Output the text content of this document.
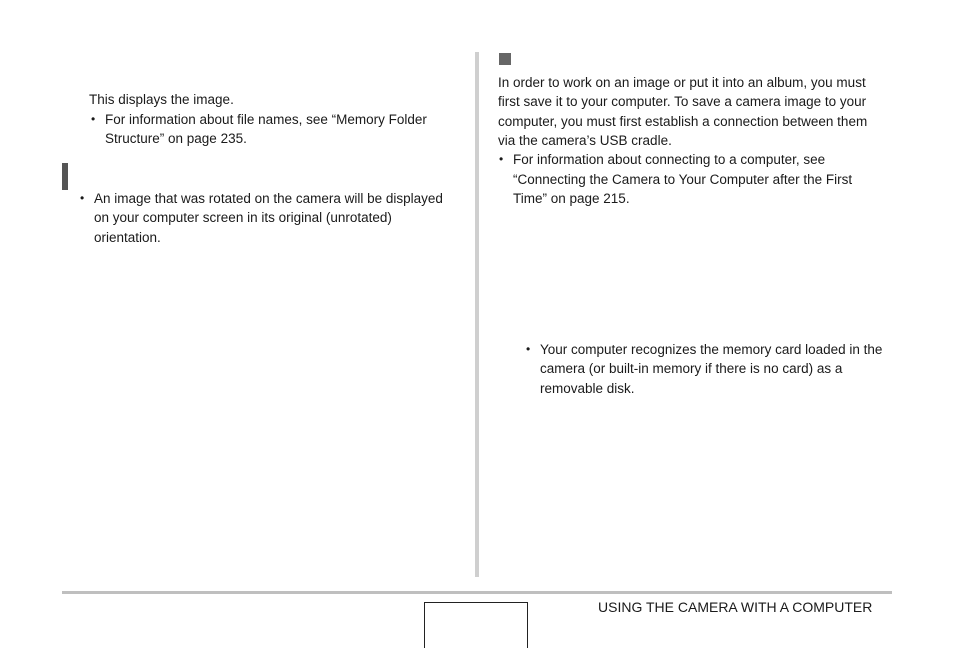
This displays the image.
• For information about file names, see “Memory Folder
Structure” on page 235.
• An image that was rotated on the camera will be displayed
on your computer screen in its original (unrotated)
orientation.
In order to work on an image or put it into an album, you must
first save it to your computer. To save a camera image to your
computer, you must first establish a connection between them
via the camera’s USB cradle.
• For information about connecting to a computer, see
“Connecting the Camera to Your Computer after the First
Time” on page 215.
• Your computer recognizes the memory card loaded in the
camera (or built-in memory if there is no card) as a
removable disk.
USING THE CAMERA WITH A COMPUTER
